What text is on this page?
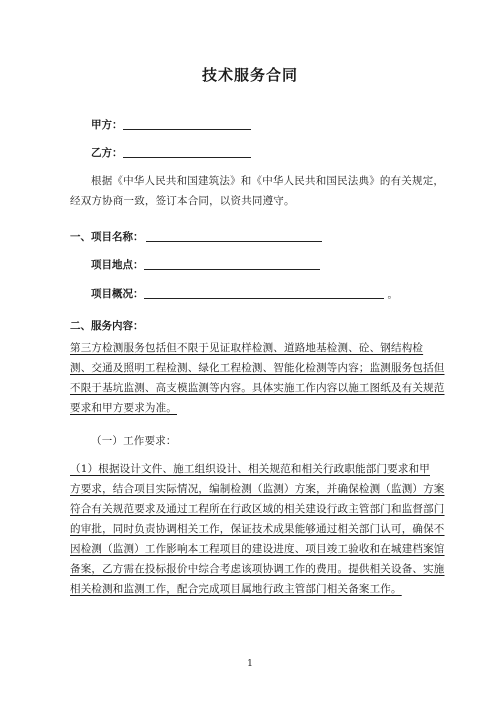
技术服务合同
甲方：
乙方：
根据《中华人民共和国建筑法》和《中华人民共和国民法典》的有关规定，
经双方协商一致，签订本合同，以资共同遵守。
一、项目名称：
项目地点：
项目概况：	。
二、服务内容：
第三方检测服务包括但不限于见证取样检测、道路地基检测、砼、钢结构检
测、交通及照明工程检测、绿化工程检测、智能化检测等内容；监测服务包括但
不限于基坑监测、高支模监测等内容。具体实施工作内容以施工图纸及有关规范
要求和甲方要求为准。
（一）工作要求：
（1）根据设计文件、施工组织设计、相关规范和相关行政职能部门要求和甲
方要求，结合项目实际情况，编制检测（监测）方案，并确保检测（监测）方案
符合有关规范要求及通过工程所在行政区域的相关建设行政主管部门和监督部门
的审批，同时负责协调相关工作，保证技术成果能够通过相关部门认可，确保不
因检测（监测）工作影响本工程项目的建设进度、项目竣工验收和在城建档案馆
备案，乙方需在投标报价中综合考虑该项协调工作的费用。提供相关设备、实施
相关检测和监测工作，配合完成项目属地行政主管部门相关备案工作。
1
